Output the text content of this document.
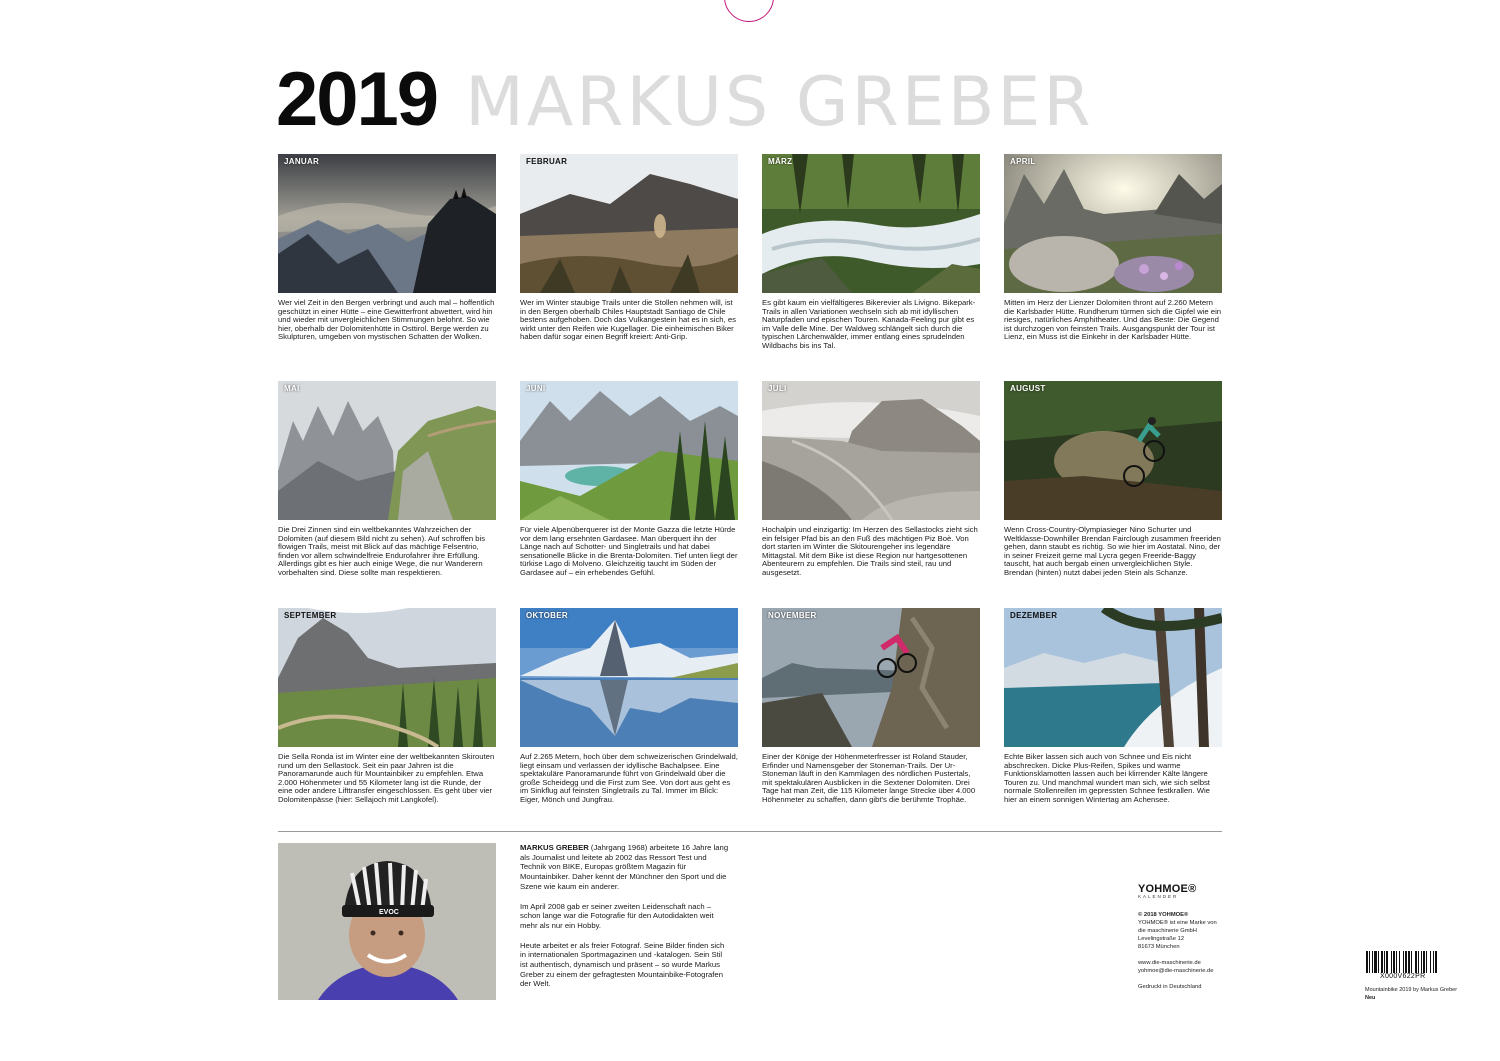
2019 MARKUS GREBER
JANUAR
Wer viel Zeit in den Bergen verbringt und auch mal – hoffentlich geschützt in einer Hütte – eine Gewitterfront abwettert, wird hin und wieder mit unvergleichlichen Stimmungen belohnt. So wie hier, oberhalb der Dolomitenhütte in Osttirol. Berge werden zu Skulpturen, umgeben von mystischen Schatten der Wolken.
FEBRUAR
Wer im Winter staubige Trails unter die Stollen nehmen will, ist in den Bergen oberhalb Chiles Hauptstadt Santiago de Chile bestens aufgehoben. Doch das Vulkangestein hat es in sich, es wirkt unter den Reifen wie Kugellager. Die einheimischen Biker haben dafür sogar einen Begriff kreiert: Anti-Grip.
MÄRZ
Es gibt kaum ein vielfältigeres Bikerevier als Livigno. Bikepark-Trails in allen Variationen wechseln sich ab mit idyllischen Naturpfaden und epischen Touren. Kanada-Feeling pur gibt es im Valle delle Mine. Der Waldweg schlängelt sich durch die typischen Lärchenwälder, immer entlang eines sprudelnden Wildbachs bis ins Tal.
APRIL
Mitten im Herz der Lienzer Dolomiten thront auf 2.260 Metern die Karlsbader Hütte. Rundherum türmen sich die Gipfel wie ein riesiges, natürliches Amphitheater. Und das Beste: Die Gegend ist durchzogen von feinsten Trails. Ausgangspunkt der Tour ist Lienz, ein Muss ist die Einkehr in der Karlsbader Hütte.
MAI
Die Drei Zinnen sind ein weltbekanntes Wahrzeichen der Dolomiten (auf diesem Bild nicht zu sehen). Auf schroffen bis flowigen Trails, meist mit Blick auf das mächtige Felsentrio, finden vor allem schwindelfreie Endurofahrer ihre Erfüllung. Allerdings gibt es hier auch einige Wege, die nur Wanderern vorbehalten sind. Diese sollte man respektieren.
JUNI
Für viele Alpenüberquerer ist der Monte Gazza die letzte Hürde vor dem lang ersehnten Gardasee. Man überquert ihn der Länge nach auf Schotter- und Singletrails und hat dabei sensationelle Blicke in die Brenta-Dolomiten. Tief unten liegt der türkise Lago di Molveno. Gleichzeitig taucht im Süden der Gardasee auf – ein erhebendes Gefühl.
JULI
Hochalpin und einzigartig: Im Herzen des Sellastocks zieht sich ein felsiger Pfad bis an den Fuß des mächtigen Piz Boè. Von dort starten im Winter die Skitourengeher ins legendäre Mittagstal. Mit dem Bike ist diese Region nur hartgesottenen Abenteurern zu empfehlen. Die Trails sind steil, rau und ausgesetzt.
AUGUST
Wenn Cross-Country-Olympiasieger Nino Schurter und Weltklasse-Downhiller Brendan Fairclough zusammen freeriden gehen, dann staubt es richtig. So wie hier im Aostatal. Nino, der in seiner Freizeit gerne mal Lycra gegen Freeride-Baggy tauscht, hat auch bergab einen unvergleichlichen Style. Brendan (hinten) nutzt dabei jeden Stein als Schanze.
SEPTEMBER
Die Sella Ronda ist im Winter eine der weltbekannten Skirouten rund um den Sellastock. Seit ein paar Jahren ist die Panoramarunde auch für Mountainbiker zu empfehlen. Etwa 2.000 Höhenmeter und 55 Kilometer lang ist die Runde, der eine oder andere Lifttransfer eingeschlossen. Es geht über vier Dolomitenpässe (hier: Sellajoch mit Langkofel).
OKTOBER
Auf 2.265 Metern, hoch über dem schweizerischen Grindelwald, liegt einsam und verlassen der idyllische Bachalpsee. Eine spektakuläre Panoramarunde führt von Grindelwald über die große Scheidegg und die First zum See. Von dort aus geht es im Sinkflug auf feinsten Singletrails zu Tal. Immer im Blick: Eiger, Mönch und Jungfrau.
NOVEMBER
Einer der Könige der Höhenmeterfresser ist Roland Stauder, Erfinder und Namensgeber der Stoneman-Trails. Der Ur-Stoneman läuft in den Kammlagen des nördlichen Pustertals, mit spektakulären Ausblicken in die Sextener Dolomiten. Drei Tage hat man Zeit, die 115 Kilometer lange Strecke über 4.000 Höhenmeter zu schaffen, dann gibt's die berühmte Trophäe.
DEZEMBER
Echte Biker lassen sich auch von Schnee und Eis nicht abschrecken. Dicke Plus-Reifen, Spikes und warme Funktionsklamotten lassen auch bei klirrender Kälte längere Touren zu. Und manchmal wundert man sich, wie sich selbst normale Stollenreifen im gepressten Schnee festkrallen. Wie hier an einem sonnigen Wintertag am Achensee.
EVOC

MARKUS GREBER (Jahrgang 1968) arbeitete 16 Jahre lang als Journalist und leitete ab 2002 das Ressort Test und Technik von BIKE, Europas größtem Magazin für Mountainbiker. Daher kennt der Münchner den Sport und die Szene wie kaum ein anderer.

Im April 2008 gab er seiner zweiten Leidenschaft nach – schon lange war die Fotografie für den Autodidakten weit mehr als nur ein Hobby.

Heute arbeitet er als freier Fotograf. Seine Bilder finden sich in internationalen Sportmagazinen und -katalogen. Sein Stil ist authentisch, dynamisch und präsent – so wurde Markus Greber zu einem der gefragtesten Mountainbike-Fotografen der Welt.

YOHMOE®
KALENDER
© 2018 YOHMOE®
YOHMOE® ist eine Marke von
die maschinerie GmbH
Levelingstraße 12
81673 München
www.die-maschinerie.de
yohmoe@die-maschinerie.de
Gedruckt in Deutschland
X000V622PR
Mountainbike 2019 by Markus Greber
Neu
